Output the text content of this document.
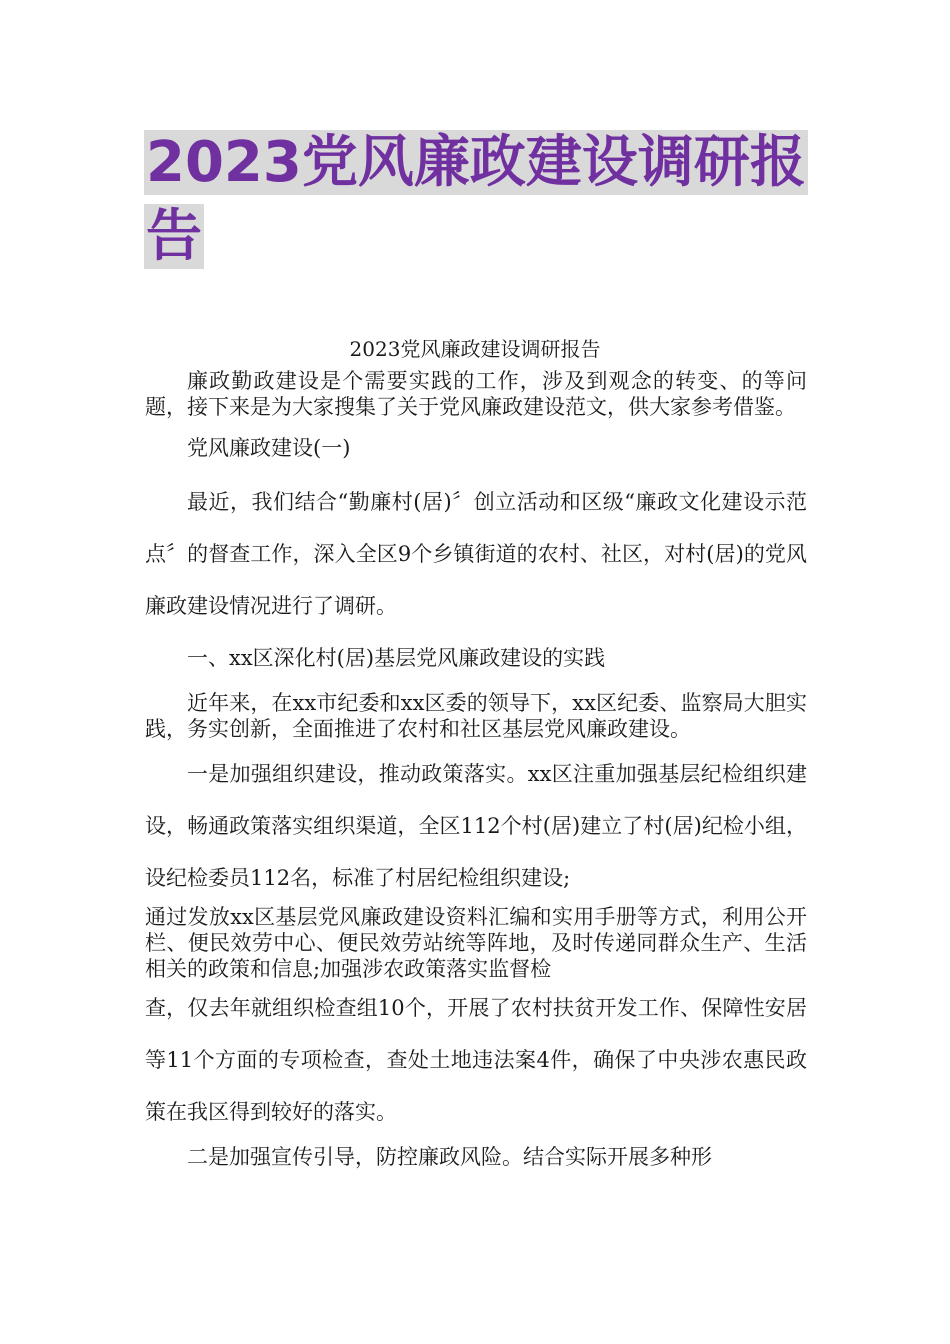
2023党风廉政建设调研报告

2023党风廉政建设调研报告

廉政勤政建设是个需要实践的工作，涉及到观念的转变、的等问题，接下来是为大家搜集了关于党风廉政建设范文，供大家参考借鉴。

党风廉政建设(一)

最近，我们结合“勤廉村(居)〞创立活动和区级“廉政文化建设示范点〞的督查工作，深入全区9个乡镇街道的农村、社区，对村(居)的党风廉政建设情况进行了调研。

一、xx区深化村(居)基层党风廉政建设的实践

近年来，在xx市纪委和xx区委的领导下，xx区纪委、监察局大胆实践，务实创新，全面推进了农村和社区基层党风廉政建设。

一是加强组织建设，推动政策落实。xx区注重加强基层纪检组织建设，畅通政策落实组织渠道，全区112个村(居)建立了村(居)纪检小组，设纪检委员112名，标准了村居纪检组织建设;

通过发放xx区基层党风廉政建设资料汇编和实用手册等方式，利用公开栏、便民效劳中心、便民效劳站统等阵地，及时传递同群众生产、生活相关的政策和信息;加强涉农政策落实监督检

查，仅去年就组织检查组10个，开展了农村扶贫开发工作、保障性安居等11个方面的专项检查，查处土地违法案4件，确保了中央涉农惠民政策在我区得到较好的落实。

二是加强宣传引导，防控廉政风险。结合实际开展多种形
